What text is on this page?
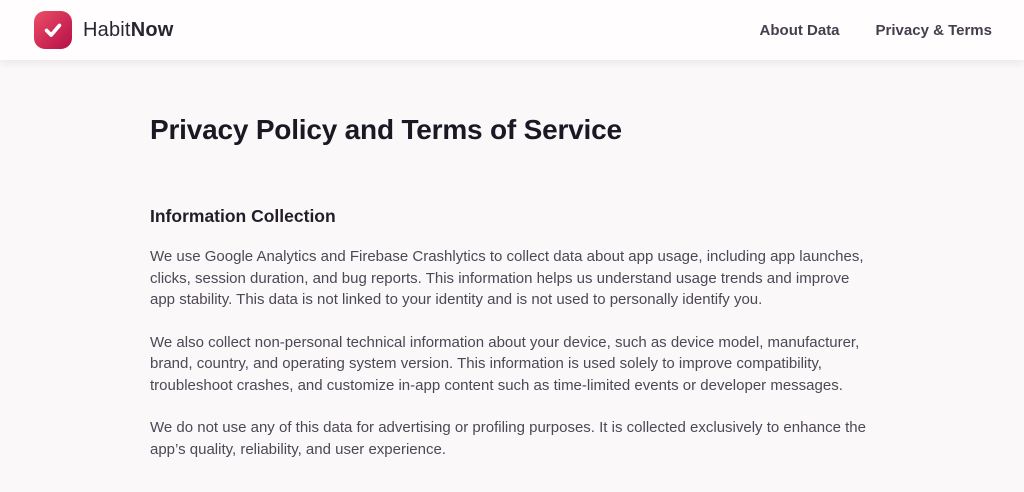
HabitNow	About Data Privacy & Terms
Privacy Policy and Terms of Service
Information Collection

We use Google Analytics and Firebase Crashlytics to collect data about app usage, including app launches, clicks, session duration, and bug reports. This information helps us understand usage trends and improve app stability. This data is not linked to your identity and is not used to personally identify you.

We also collect non-personal technical information about your device, such as device model, manufacturer, brand, country, and operating system version. This information is used solely to improve compatibility, troubleshoot crashes, and customize in-app content such as time-limited events or developer messages.

We do not use any of this data for advertising or profiling purposes. It is collected exclusively to enhance the app’s quality, reliability, and user experience.
